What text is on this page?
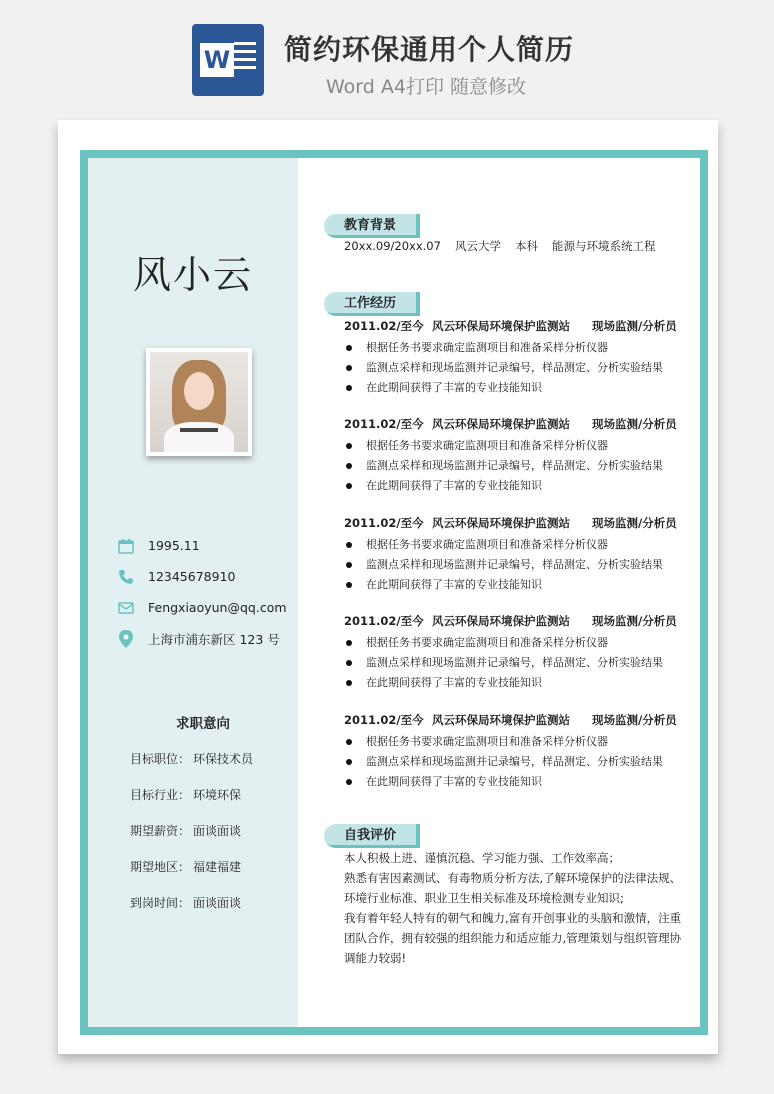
W 简约环保通用个人简历
Word A4打印 随意修改
风小云
1995.11
12345678910
Fengxiaoyun@qq.com
上海市浦东新区 123 号
求职意向
目标职位： 环保技术员
目标行业： 环境环保
期望薪资： 面谈面谈
期望地区： 福建福建
到岗时间： 面谈面谈
教育背景
20xx.09/20xx.07 风云大学 本科 能源与环境系统工程
工作经历
2011.02/至今 风云环保局环境保护监测站	现场监测/分析员
根据任务书要求确定监测项目和准备采样分析仪器
监测点采样和现场监测并记录编号，样品测定、分析实验结果
在此期间获得了丰富的专业技能知识
2011.02/至今 风云环保局环境保护监测站	现场监测/分析员
根据任务书要求确定监测项目和准备采样分析仪器
监测点采样和现场监测并记录编号，样品测定、分析实验结果
在此期间获得了丰富的专业技能知识
2011.02/至今 风云环保局环境保护监测站	现场监测/分析员
根据任务书要求确定监测项目和准备采样分析仪器
监测点采样和现场监测并记录编号，样品测定、分析实验结果
在此期间获得了丰富的专业技能知识
2011.02/至今 风云环保局环境保护监测站	现场监测/分析员
根据任务书要求确定监测项目和准备采样分析仪器
监测点采样和现场监测并记录编号，样品测定、分析实验结果
在此期间获得了丰富的专业技能知识
2011.02/至今 风云环保局环境保护监测站	现场监测/分析员
根据任务书要求确定监测项目和准备采样分析仪器
监测点采样和现场监测并记录编号，样品测定、分析实验结果
在此期间获得了丰富的专业技能知识
自我评价
本人积极上进、谨慎沉稳、学习能力强、工作效率高；
熟悉有害因素测试、有毒物质分析方法,了解环境保护的法律法规、
环境行业标准、职业卫生相关标准及环境检测专业知识;
我有着年轻人特有的朝气和魄力,富有开创事业的头脑和激情，注重
团队合作，拥有较强的组织能力和适应能力,管理策划与组织管理协
调能力较弱!
